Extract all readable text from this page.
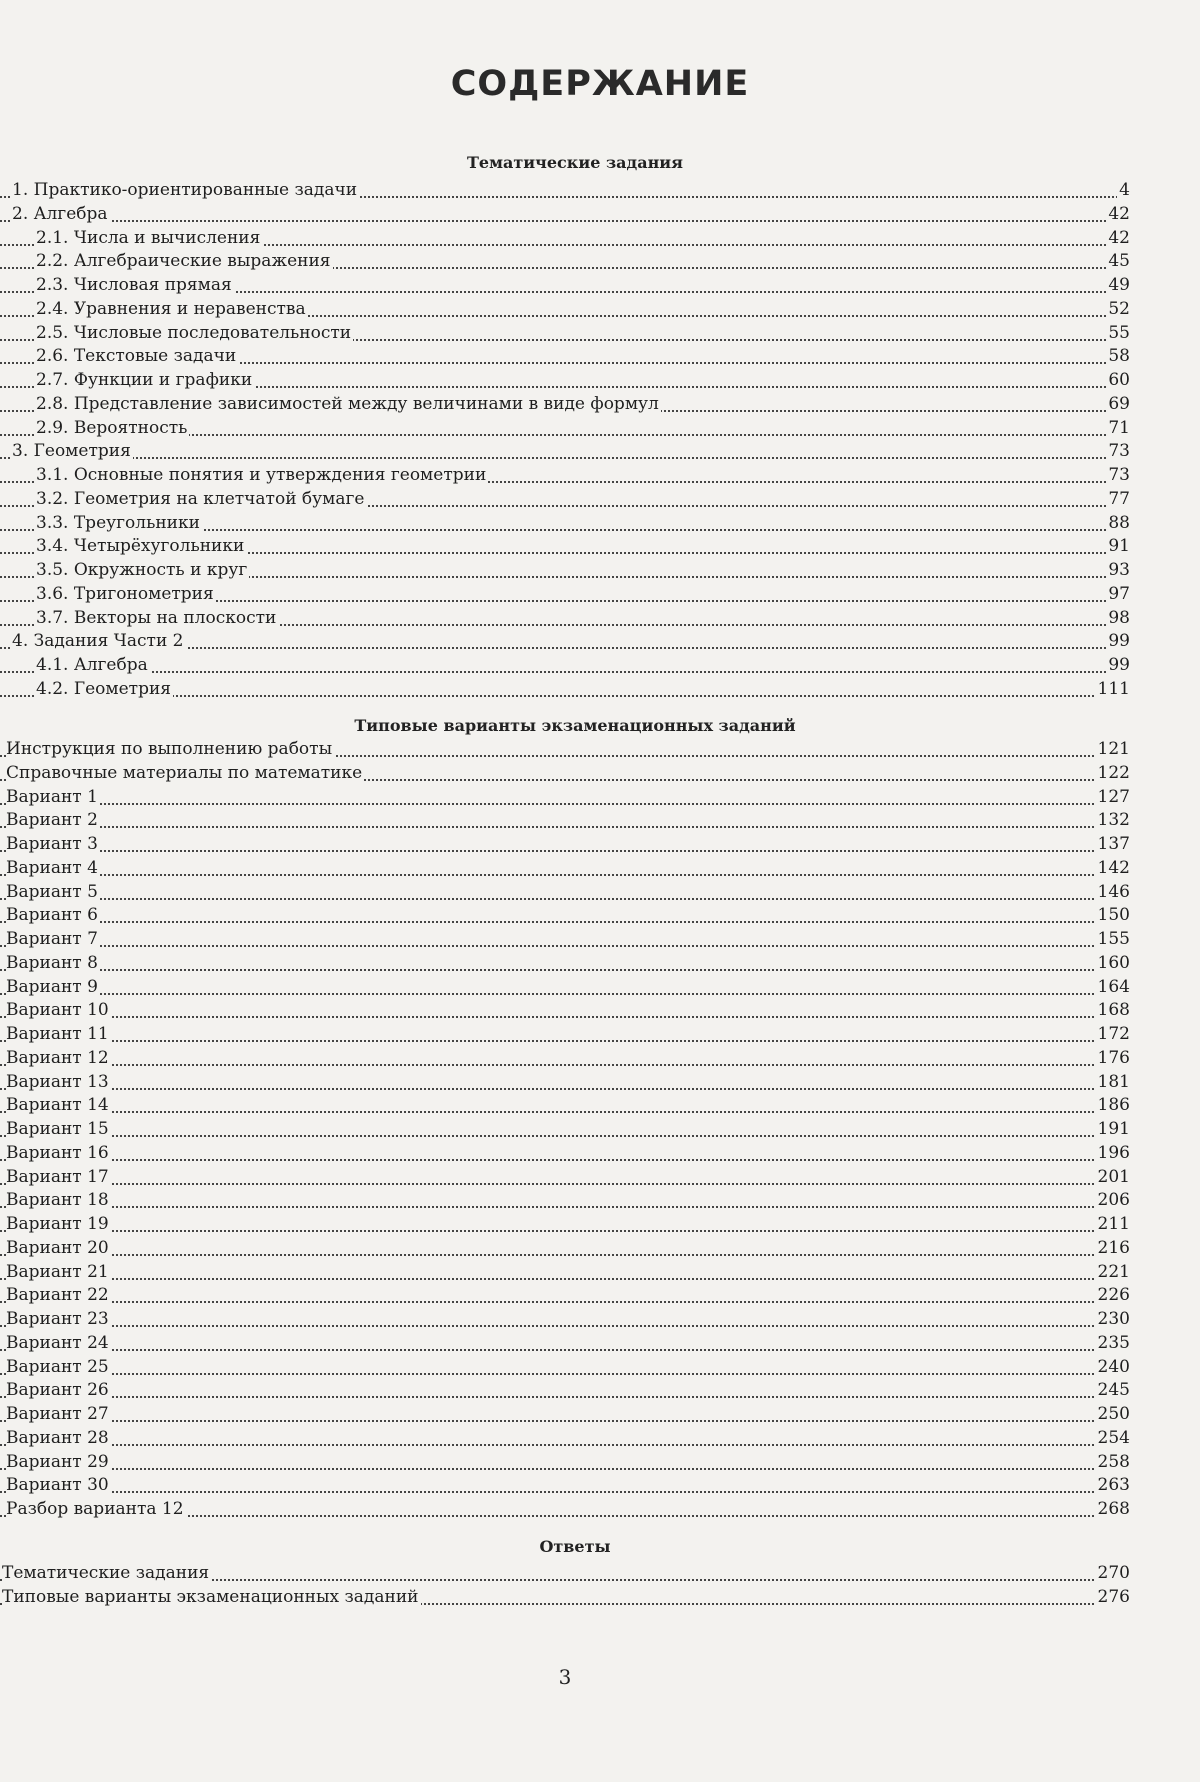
СОДЕРЖАНИЕ
Тематические задания
1. Практико-ориентированные задачи	4
2. Алгебра	42
2.1. Числа и вычисления	42
2.2. Алгебраические выражения	45
2.3. Числовая прямая	49
2.4. Уравнения и неравенства	52
2.5. Числовые последовательности	55
2.6. Текстовые задачи	58
2.7. Функции и графики	60
2.8. Представление зависимостей между величинами в виде формул	69
2.9. Вероятность	71
3. Геометрия	73
3.1. Основные понятия и утверждения геометрии	73
3.2. Геометрия на клетчатой бумаге	77
3.3. Треугольники	88
3.4. Четырёхугольники	91
3.5. Окружность и круг	93
3.6. Тригонометрия	97
3.7. Векторы на плоскости	98
4. Задания Части 2	99
4.1. Алгебра	99
4.2. Геометрия	111
Типовые варианты экзаменационных заданий
Инструкция по выполнению работы	121
Справочные материалы по математике	122
Вариант 1	127
Вариант 2	132
Вариант 3	137
Вариант 4	142
Вариант 5	146
Вариант 6	150
Вариант 7	155
Вариант 8	160
Вариант 9	164
Вариант 10	168
Вариант 11	172
Вариант 12	176
Вариант 13	181
Вариант 14	186
Вариант 15	191
Вариант 16	196
Вариант 17	201
Вариант 18	206
Вариант 19	211
Вариант 20	216
Вариант 21	221
Вариант 22	226
Вариант 23	230
Вариант 24	235
Вариант 25	240
Вариант 26	245
Вариант 27	250
Вариант 28	254
Вариант 29	258
Вариант 30	263
Разбор варианта 12	268
Ответы
Тематические задания	270
Типовые варианты экзаменационных заданий	276
3
